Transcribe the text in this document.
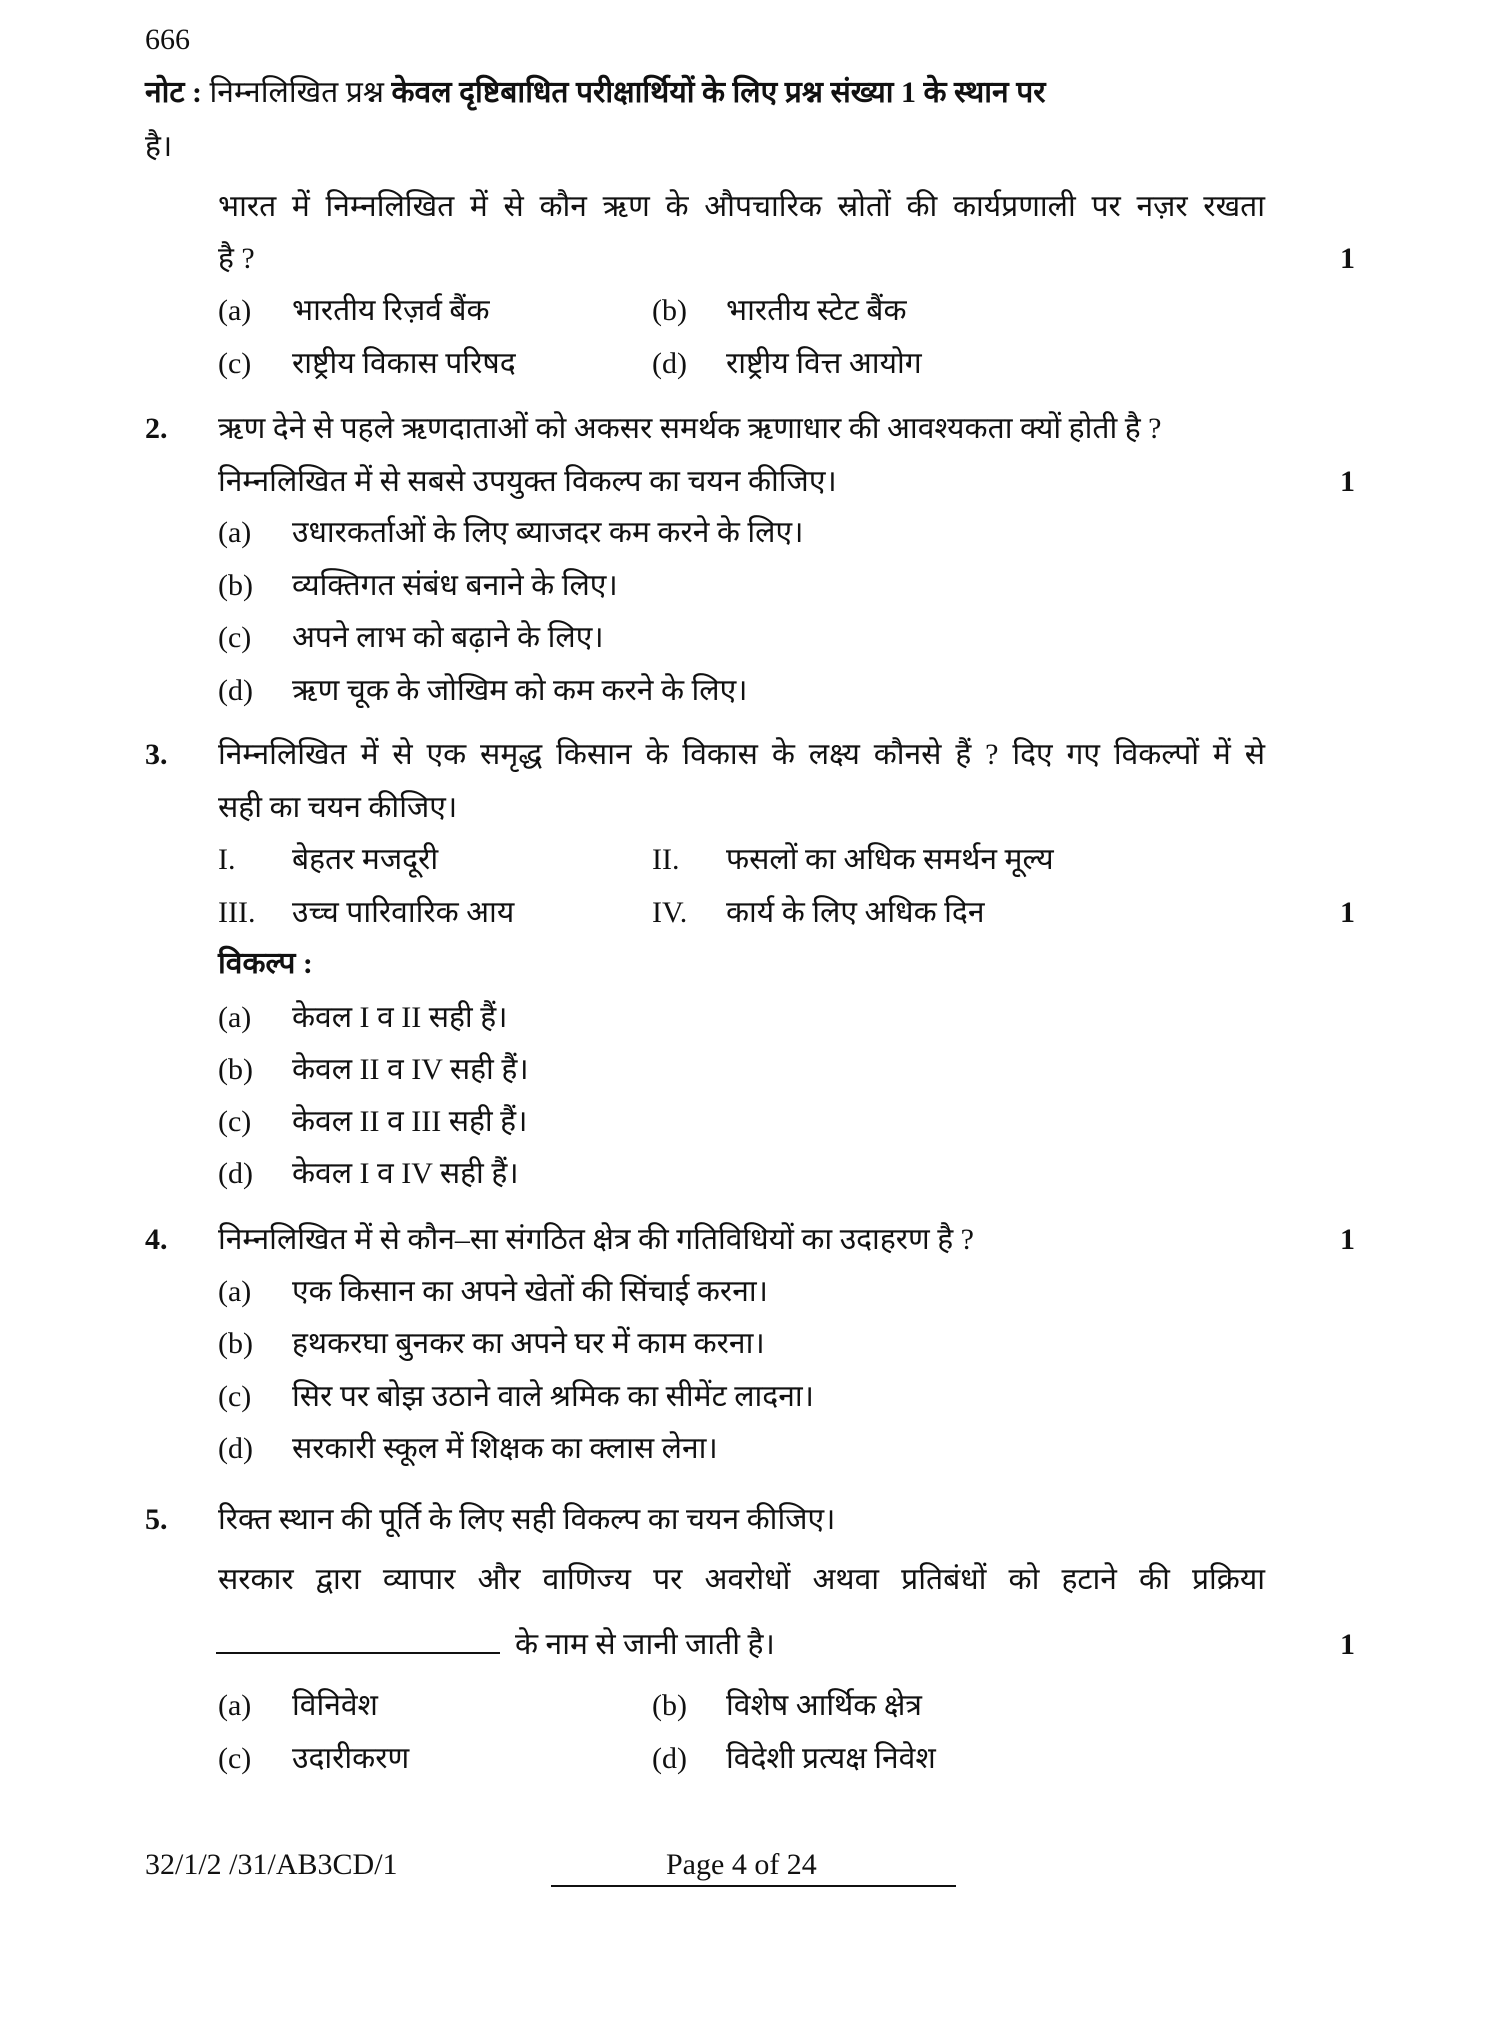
666
नोट : निम्नलिखित प्रश्न केवल दृष्टिबाधित परीक्षार्थियों के लिए प्रश्न संख्या 1 के स्थान पर
है।
भारत में निम्नलिखित में से कौन ऋण के औपचारिक स्रोतों की कार्यप्रणाली पर नज़र रखता
है ?	1
(a) भारतीय रिज़र्व बैंक	(b) भारतीय स्टेट बैंक
(c) राष्ट्रीय विकास परिषद	(d) राष्ट्रीय वित्त आयोग
2. ऋण देने से पहले ऋणदाताओं को अकसर समर्थक ऋणाधार की आवश्यकता क्यों होती है ?
निम्नलिखित में से सबसे उपयुक्त विकल्प का चयन कीजिए।	1
(a) उधारकर्ताओं के लिए ब्याजदर कम करने के लिए।
(b) व्यक्तिगत संबंध बनाने के लिए।
(c) अपने लाभ को बढ़ाने के लिए।
(d) ऋण चूक के जोखिम को कम करने के लिए।
3. निम्नलिखित में से एक समृद्ध किसान के विकास के लक्ष्य कौनसे हैं ? दिए गए विकल्पों में से
सही का चयन कीजिए।
I. बेहतर मजदूरी	II. फसलों का अधिक समर्थन मूल्य
III. उच्च पारिवारिक आय	IV. कार्य के लिए अधिक दिन	1
विकल्प :
(a) केवल I व II सही हैं।
(b) केवल II व IV सही हैं।
(c) केवल II व III सही हैं।
(d) केवल I व IV सही हैं।
4. निम्नलिखित में से कौन–सा संगठित क्षेत्र की गतिविधियों का उदाहरण है ?	1
(a) एक किसान का अपने खेतों की सिंचाई करना।
(b) हथकरघा बुनकर का अपने घर में काम करना।
(c) सिर पर बोझ उठाने वाले श्रमिक का सीमेंट लादना।
(d) सरकारी स्कूल में शिक्षक का क्लास लेना।
5. रिक्त स्थान की पूर्ति के लिए सही विकल्प का चयन कीजिए।
सरकार द्वारा व्यापार और वाणिज्य पर अवरोधों अथवा प्रतिबंधों को हटाने की प्रक्रिया
के नाम से जानी जाती है।	1
(a) विनिवेश	(b) विशेष आर्थिक क्षेत्र
(c) उदारीकरण	(d) विदेशी प्रत्यक्ष निवेश
32/1/2 /31/AB3CD/1	Page 4 of 24
